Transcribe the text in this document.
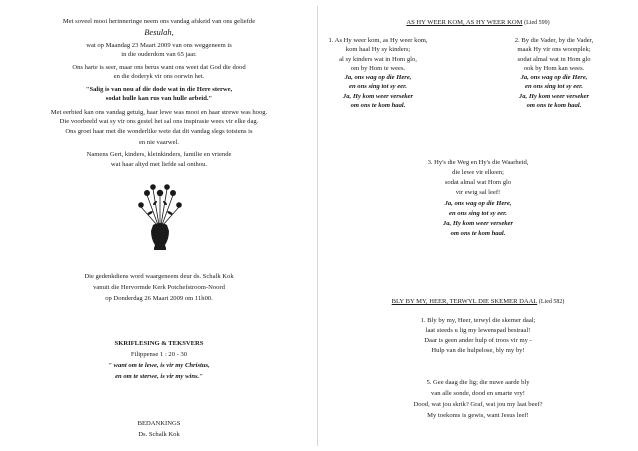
Met soveel mooi herinneringe neem ons vandag afskeid van ons geliefde
Besulah,
wat op Maandag 23 Maart 2009 van ons weggeneem is
in die ouderdom van 65 jaar.
Ons harte is seer, maar ons berus want ons weet dat God die dood
en die doderyk vir ons oorwin het.
"Salig is van nou af die dode wat in die Here sterwe,
sodat hulle kan rus van hulle arbeid."
Met eerbied kan ons vandag getuig, haar lewe was mooi en haar strewe was hoog.
Die voorbeeld wat sy vir ons gestel het sal ons inspirasie wees vir elke dag.
Ons groet haar met die wonderlike wete dat dit vandag slegs totsiens is
en nie vaarwel.
Namens Gert, kinders, kleinkinders, familie en vriende
wat haar altyd met liefde sal onthou.
Die gedenkdiens word waargeneem deur ds. Schalk Kok
vanuit die Hervormde Kerk Potchefstroom-Noord
op Donderdag 26 Maart 2009 om 11h00.
SKRIFLESING & TEKSVERS
Filippense 1 : 20 - 30
" want om te lewe, is vir my Christus,
en om te sterwe, is vir my wins."
BEDANKINGS
Ds. Schalk Kok
AS HY WEER KOM, AS HY WEER KOM (Lied 599)
1. As Hy weer kom, as Hy weer kom,
kom haal Hy sy kinders;
al sy kinders wat in Hom glo,
om by Hom te wees.
Ja, ons wag op die Here,
en ons sing tot sy eer.
Ja, Hy kom weer verseker
om ons te kom haal.
2. By die Vader, by die Vader,
maak Hy vir ons woonplek;
sodat almal wat in Hom glo
ook by Hom kan wees.
Ja, ons wag op die Here,
en ons sing tot sy eer.
Ja, Hy kom weer verseker
om ons te kom haal.
3. Hy's die Weg en Hy's die Waarheid,
die lewe vir elkeen;
sodat almal wat Hom glo
vir ewig sal leef!
Ja, ons wag op die Here,
en ons sing tot sy eer.
Ja, Hy kom weer verseker
om ons te kom haal.
BLY BY MY, HEER, TERWYL DIE SKEMER DAAL (Lied 582)
1. Bly by my, Heer, terwyl die skemer daal;
laat steeds u lig my lewenspad bestraal!
Daar is geen ander hulp of troos vir my -
Hulp van die hulpelose, bly my by!
5. Gee daag die lig; die nuwe aarde bly
van alle sonde, dood en smarte vry!
Dood, wat jou skrik? Graf, wat jou my laat beef?
My toekoms is gewis, want Jesus leef!
